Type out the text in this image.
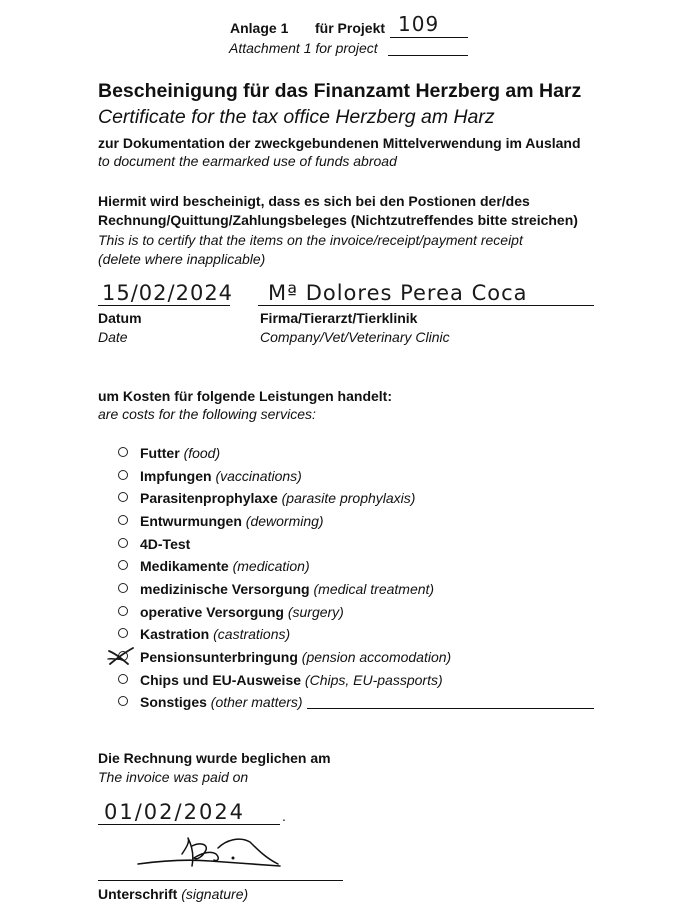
Anlage 1 für Projekt 109
Attachment 1 for project
Bescheinigung für das Finanzamt Herzberg am Harz
Certificate for the tax office Herzberg am Harz
zur Dokumentation der zweckgebundenen Mittelverwendung im Ausland
to document the earmarked use of funds abroad
Hiermit wird bescheinigt, dass es sich bei den Postionen der/des
Rechnung/Quittung/Zahlungsbeleges (Nichtzutreffendes bitte streichen)
This is to certify that the items on the invoice/receipt/payment receipt
(delete where inapplicable)
15/02/2024 Mª Dolores Perea Coca
Datum
Date
Firma/Tierarzt/Tierklinik
Company/Vet/Veterinary Clinic
um Kosten für folgende Leistungen handelt:
are costs for the following services:
Futter (food)
Impfungen (vaccinations)
Parasitenprophylaxe (parasite prophylaxis)
Entwurmungen (deworming)
4D-Test
Medikamente (medication)
medizinische Versorgung (medical treatment)
operative Versorgung (surgery)
Kastration (castrations)
Pensionsunterbringung (pension accomodation)
Chips und EU-Ausweise (Chips, EU-passports)
Sonstiges (other matters)
Die Rechnung wurde beglichen am
The invoice was paid on
01/02/2024	.
Unterschrift (signature)
